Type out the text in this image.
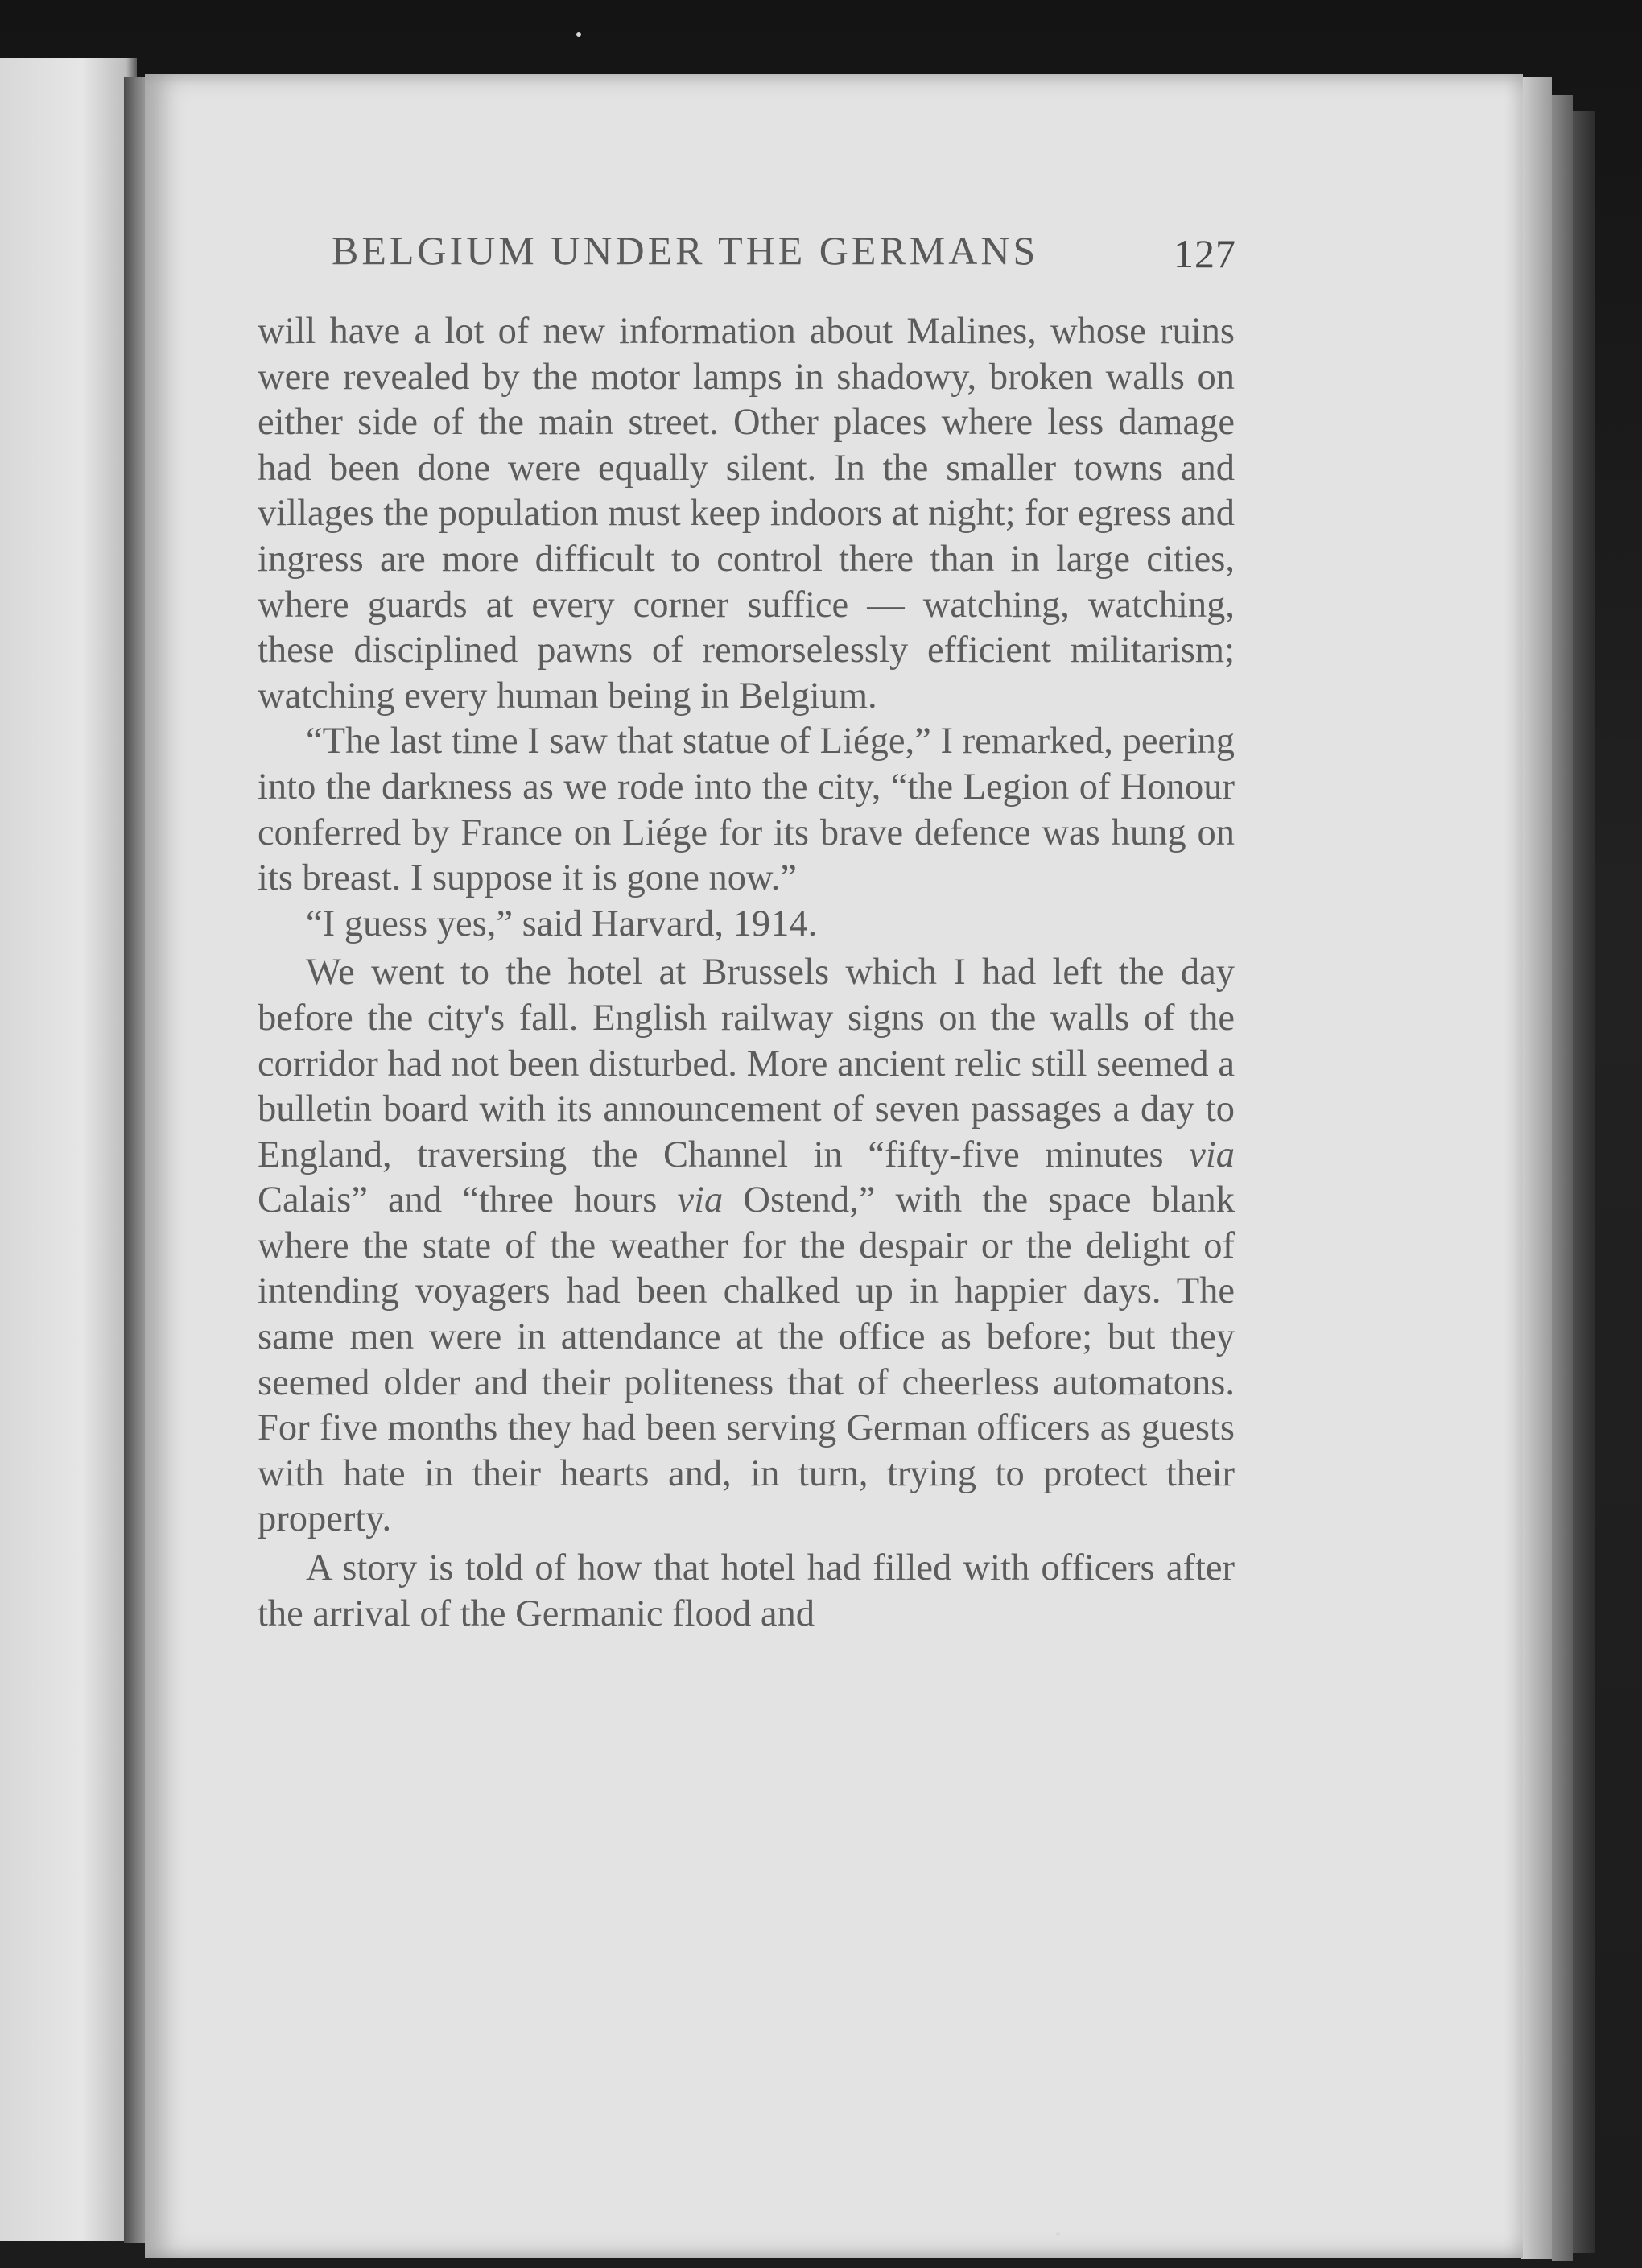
BELGIUM UNDER THE GERMANS	127

will have a lot of new information about Malines, whose ruins were revealed by the motor lamps in shadowy, broken walls on either side of the main street. Other places where less damage had been done were equally silent. In the smaller towns and villages the population must keep indoors at night; for egress and ingress are more difficult to control there than in large cities, where guards at every corner suffice — watching, watching, these disciplined pawns of remorselessly efficient militarism; watching every human being in Belgium.

“The last time I saw that statue of Liége,” I remarked, peering into the darkness as we rode into the city, “the Legion of Honour conferred by France on Liége for its brave defence was hung on its breast. I suppose it is gone now.”

“I guess yes,” said Harvard, 1914.

We went to the hotel at Brussels which I had left the day before the city's fall. English railway signs on the walls of the corridor had not been disturbed. More ancient relic still seemed a bulletin board with its announcement of seven passages a day to England, traversing the Channel in “fifty-five minutes via Calais” and “three hours via Ostend,” with the space blank where the state of the weather for the despair or the delight of intending voyagers had been chalked up in happier days. The same men were in attendance at the office as before; but they seemed older and their politeness that of cheerless automatons. For five months they had been serving German officers as guests with hate in their hearts and, in turn, trying to protect their property.

A story is told of how that hotel had filled with officers after the arrival of the Germanic flood and
